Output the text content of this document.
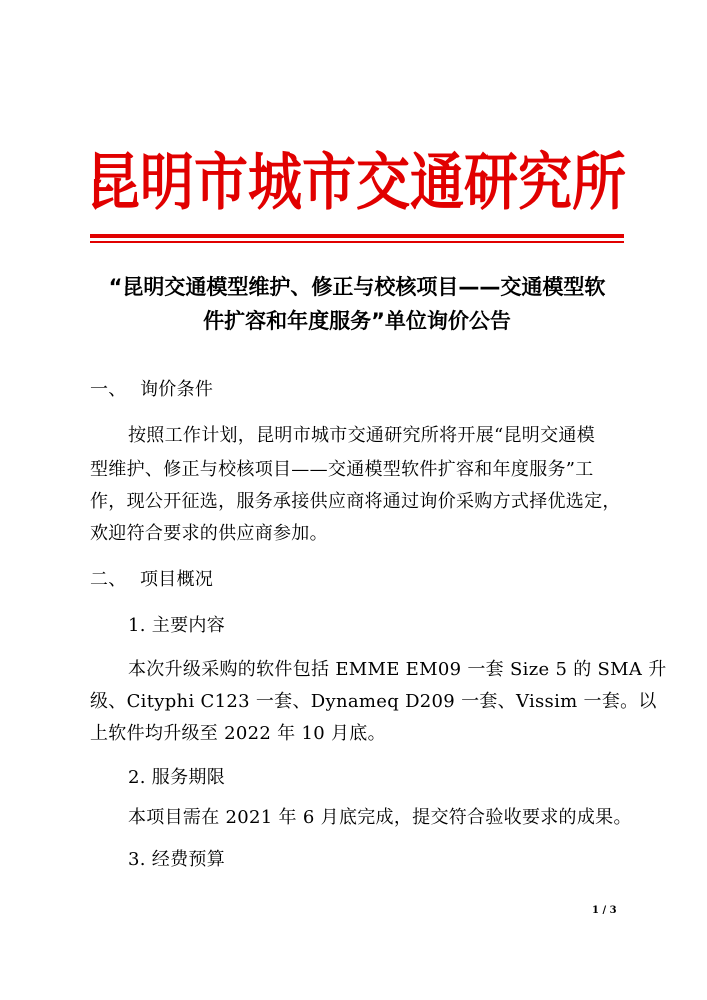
昆明市城市交通研究所
“昆明交通模型维护、修正与校核项目——交通模型软
件扩容和年度服务”单位询价公告
一、 询价条件
按照工作计划，昆明市城市交通研究所将开展“昆明交通模
型维护、修正与校核项目——交通模型软件扩容和年度服务”工
作，现公开征选，服务承接供应商将通过询价采购方式择优选定，
欢迎符合要求的供应商参加。
二、 项目概况
1. 主要内容
本次升级采购的软件包括 EMME EM09 一套 Size 5 的 SMA 升
级、Cityphi C123 一套、Dynameq D209 一套、Vissim 一套。以
上软件均升级至 2022 年 10 月底。
2. 服务期限
本项目需在 2021 年 6 月底完成，提交符合验收要求的成果。
3. 经费预算
1 / 3
